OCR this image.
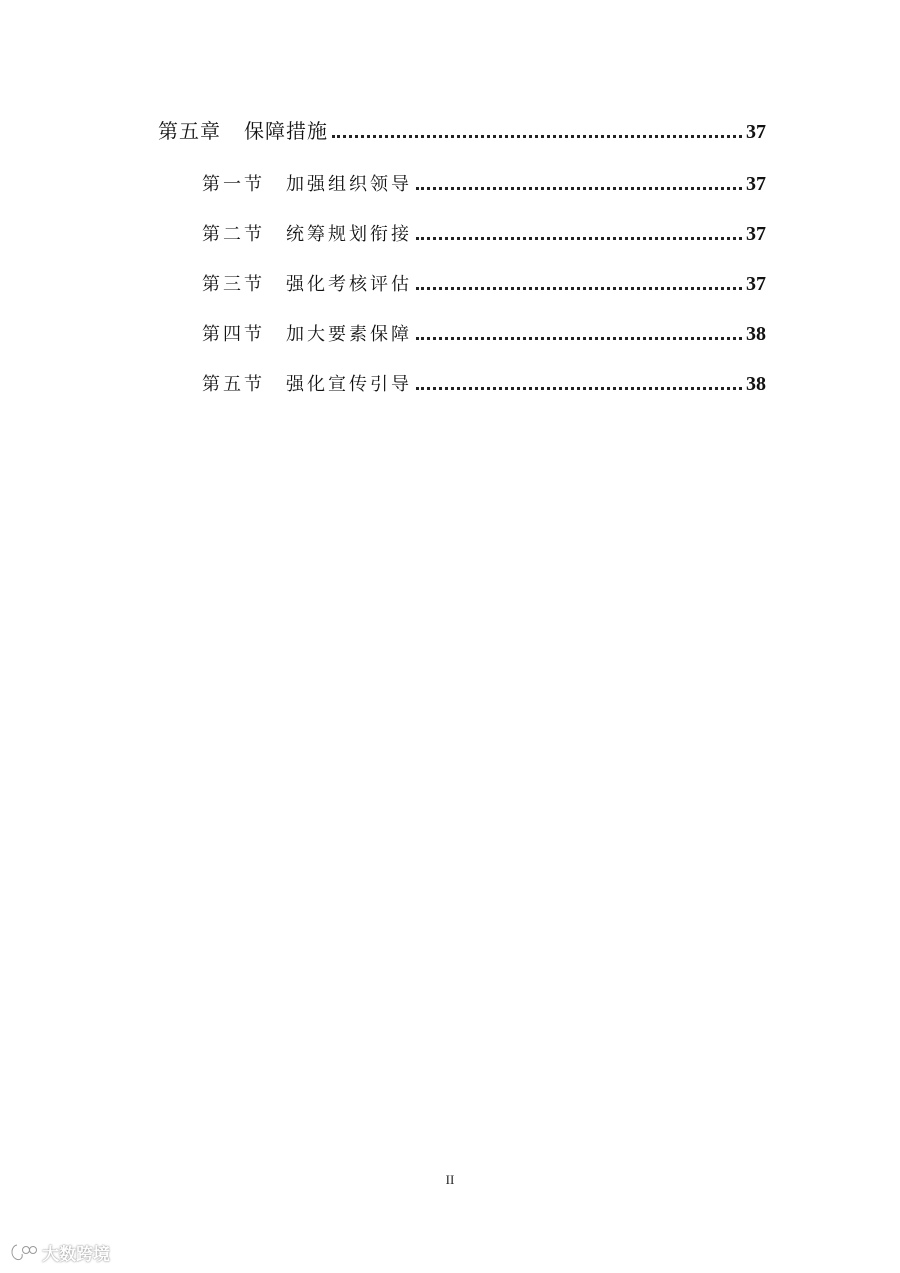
第五章	保障措施	37
第一节	加强组织领导	37
第二节	统筹规划衔接	37
第三节	强化考核评估	37
第四节	加大要素保障	38
第五节	强化宣传引导	38
II
大数跨境
